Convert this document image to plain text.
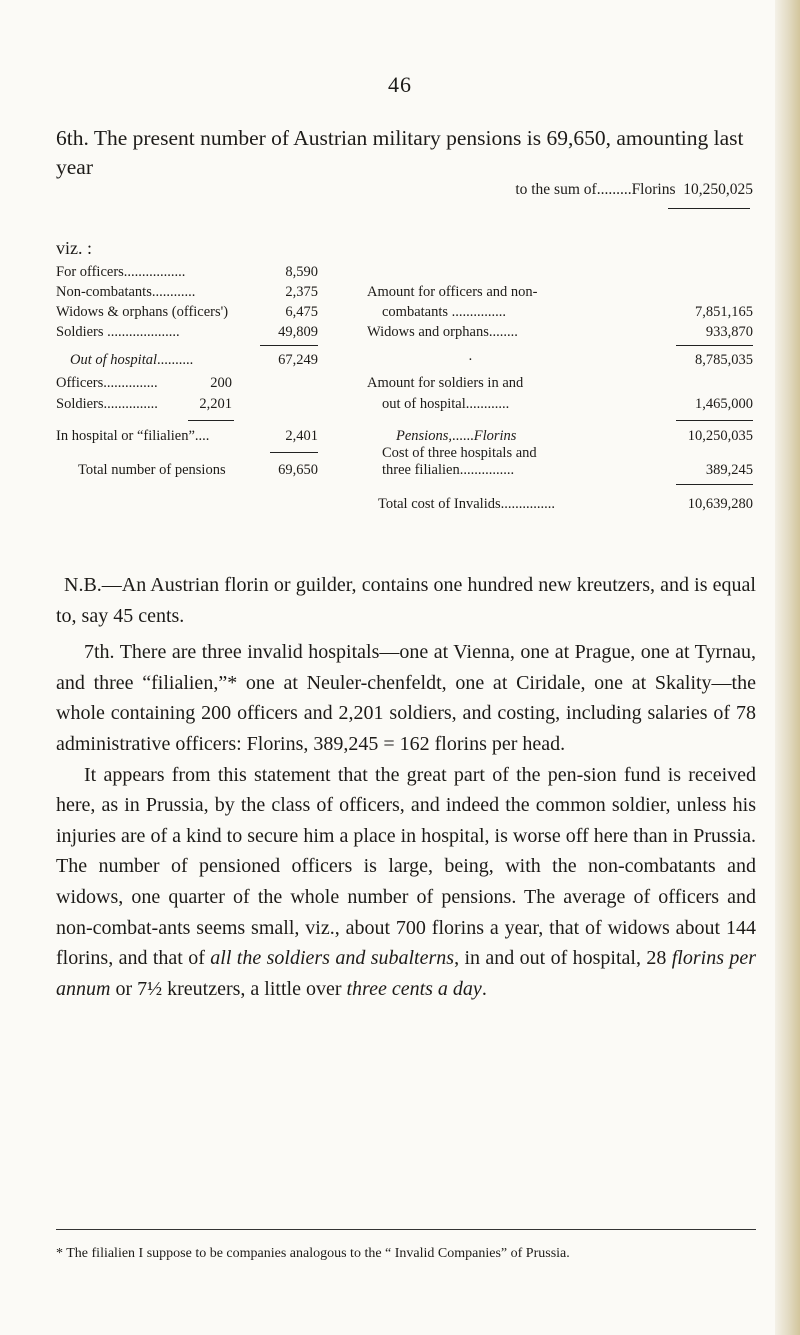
46
6th. The present number of Austrian military pensions is 69,650, amounting last year
to the sum of.........Florins 10,250,025
viz. :
For officers.................	8,590
Non-combatants............	2,375
Widows & orphans (officers')	6,475
Soldiers ....................	49,809
Out of hospital..........	67,249
Officers...............	200
Soldiers...............	2,201
In hospital or “filialien”....	2,401
Total number of pensions	69,650
Amount for officers and non-
combatants ...............	7,851,165
Widows and orphans........	933,870
·	8,785,035
Amount for soldiers in and
out of hospital............	1,465,000
Pensions,......Florins	10,250,035
Cost of three hospitals and
three filialien...............	389,245
Total cost of Invalids...............	10,639,280

N.B.—An Austrian florin or guilder, contains one hundred new kreutzers, and is equal to, say 45 cents.

7th. There are three invalid hospitals—one at Vienna, one at Prague, one at Tyrnau, and three “filialien,”* one at Neuler-chenfeldt, one at Ciridale, one at Skality—the whole containing 200 officers and 2,201 soldiers, and costing, including salaries of 78 administrative officers: Florins, 389,245 = 162 florins per head.

It appears from this statement that the great part of the pen-sion fund is received here, as in Prussia, by the class of officers, and indeed the common soldier, unless his injuries are of a kind to secure him a place in hospital, is worse off here than in Prussia. The number of pensioned officers is large, being, with the non-combatants and widows, one quarter of the whole number of pensions. The average of officers and non-combat-ants seems small, viz., about 700 florins a year, that of widows about 144 florins, and that of all the soldiers and subalterns, in and out of hospital, 28 florins per annum or 7½ kreutzers, a little over three cents a day.

* The filialien I suppose to be companies analogous to the “ Invalid Companies” of Prussia.
